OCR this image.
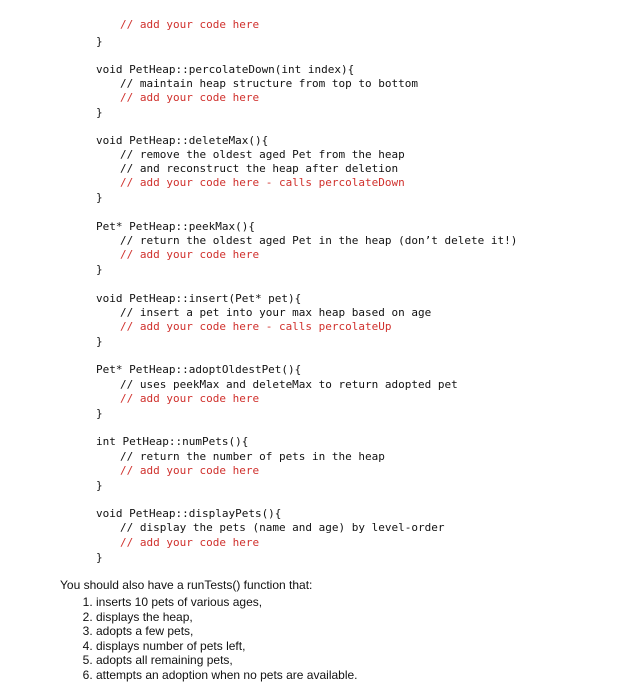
// add your code here
}
void PetHeap::percolateDown(int index){
// maintain heap structure from top to bottom
// add your code here
}
void PetHeap::deleteMax(){
// remove the oldest aged Pet from the heap
// and reconstruct the heap after deletion
// add your code here - calls percolateDown
}
Pet* PetHeap::peekMax(){
// return the oldest aged Pet in the heap (don’t delete it!)
// add your code here
}
void PetHeap::insert(Pet* pet){
// insert a pet into your max heap based on age
// add your code here - calls percolateUp
}
Pet* PetHeap::adoptOldestPet(){
// uses peekMax and deleteMax to return adopted pet
// add your code here
}
int PetHeap::numPets(){
// return the number of pets in the heap
// add your code here
}
void PetHeap::displayPets(){
// display the pets (name and age) by level-order
// add your code here
}

You should also have a runTests() function that:

1. inserts 10 pets of various ages,
2. displays the heap,
3. adopts a few pets,
4. displays number of pets left,
5. adopts all remaining pets,
6. attempts an adoption when no pets are available.
